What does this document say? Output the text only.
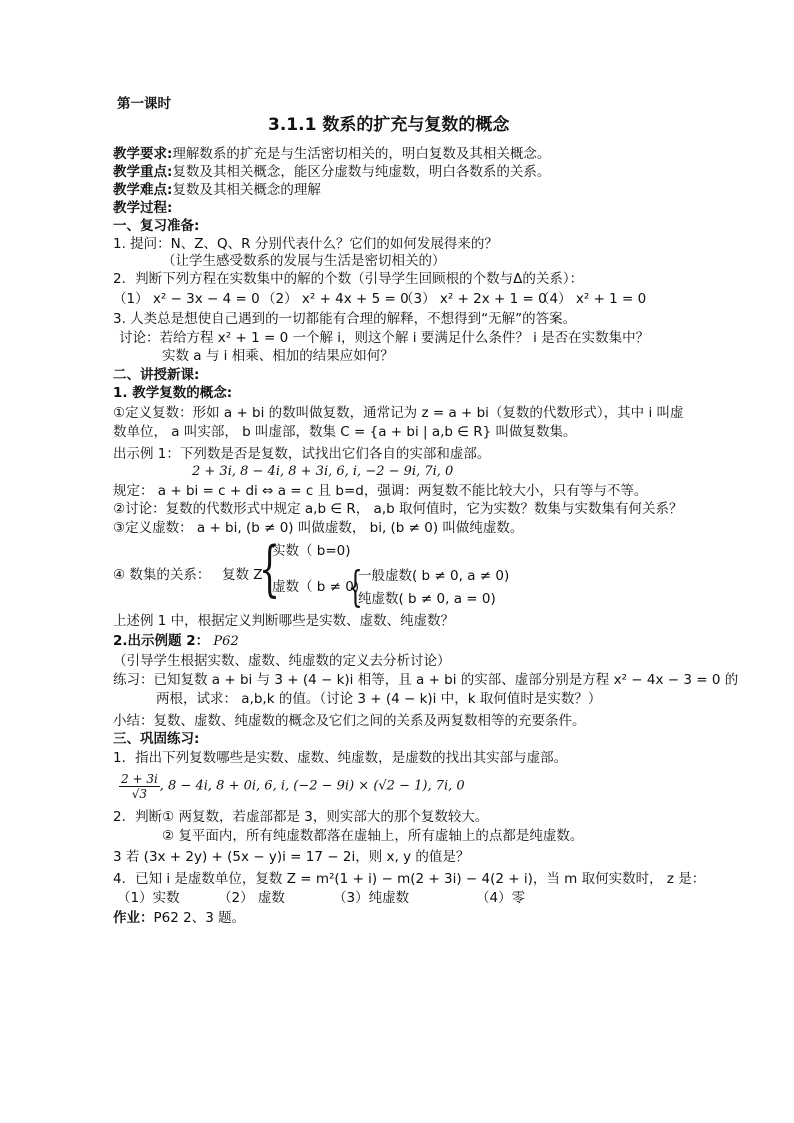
第一课时
3.1.1 数系的扩充与复数的概念
教学要求:理解数系的扩充是与生活密切相关的，明白复数及其相关概念。
教学重点:复数及其相关概念，能区分虚数与纯虚数，明白各数系的关系。
教学难点:复数及其相关概念的理解
教学过程:
一、复习准备:
1. 提问：N、Z、Q、R 分别代表什么？它们的如何发展得来的？
（让学生感受数系的发展与生活是密切相关的）
2．判断下列方程在实数集中的解的个数（引导学生回顾根的个数与Δ的关系）：
（1） x² − 3x − 4 = 0 （2） x² + 4x + 5 = 0
（3） x² + 2x + 1 = 0
（4） x² + 1 = 0
3. 人类总是想使自己遇到的一切都能有合理的解释，不想得到“无解”的答案。
讨论：若给方程 x² + 1 = 0 一个解 i，则这个解 i 要满足什么条件？ i 是否在实数集中？
实数 a 与 i 相乘、相加的结果应如何？
二、讲授新课:
1. 教学复数的概念:
①定义复数：形如 a + bi 的数叫做复数，通常记为 z = a + bi（复数的代数形式），其中 i 叫虚
数单位， a 叫实部， b 叫虚部，数集 C = {a + bi | a,b ∈ R} 叫做复数集。
出示例 1：下列数是否是复数，试找出它们各自的实部和虚部。
2 + 3i, 8 − 4i, 8 + 3i, 6, i, −2 − 9i, 7i, 0
规定： a + bi = c + di ⇔ a = c 且 b=d，强调：两复数不能比较大小，只有等与不等。
②讨论：复数的代数形式中规定 a,b ∈ R， a,b 取何值时，它为实数？数集与实数集有何关系？
③定义虚数： a + bi, (b ≠ 0) 叫做虚数， bi, (b ≠ 0) 叫做纯虚数。
④ 数集的关系： 复数 Z
{
实数（ b=0)
虚数（ b ≠ 0)
{
一般虚数( b ≠ 0, a ≠ 0)
纯虚数( b ≠ 0, a = 0)
上述例 1 中，根据定义判断哪些是实数、虚数、纯虚数？
2.出示例题 2： P62
（引导学生根据实数、虚数、纯虚数的定义去分析讨论）
练习：已知复数 a + bi 与 3 + (4 − k)i 相等，且 a + bi 的实部、虚部分别是方程 x² − 4x − 3 = 0 的
两根，试求： a,b,k 的值。（讨论 3 + (4 − k)i 中，k 取何值时是实数？）
小结：复数、虚数、纯虚数的概念及它们之间的关系及两复数相等的充要条件。
三、巩固练习:
1．指出下列复数哪些是实数、虚数、纯虚数，是虚数的找出其实部与虚部。
$\frac{2 + 3i}{√3}$ , 8 − 4i, 8 + 0i, 6, i, (−2 − 9i) × (√2 − 1), 7i, 0
2．判断① 两复数，若虚部都是 3，则实部大的那个复数较大。
② 复平面内，所有纯虚数都落在虚轴上，所有虚轴上的点都是纯虚数。
3 若 (3x + 2y) + (5x − y)i = 17 − 2i，则 x, y 的值是？
4．已知 i 是虚数单位，复数 Z = m²(1 + i) − m(2 + 3i) − 4(2 + i)，当 m 取何实数时， z 是：
（1）实数	（2） 虚数	（3）纯虚数	（4）零
作业：P62 2、3 题。
